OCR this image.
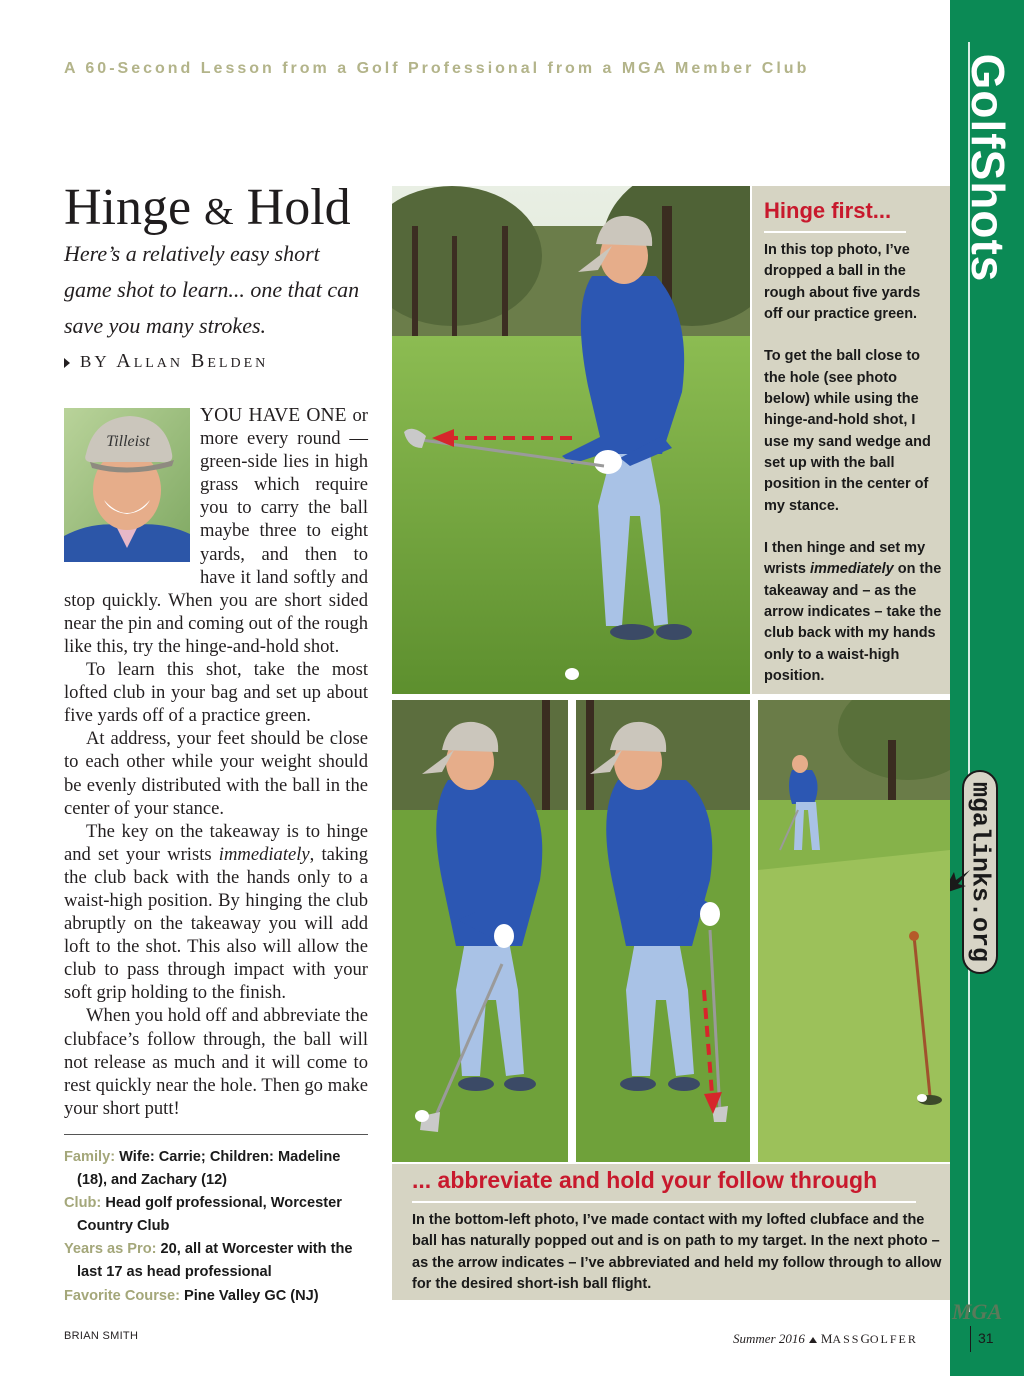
A 60-Second Lesson from a Golf Professional from a MGA Member Club	GolfShots
mgalinks.org
MGA
31
Hinge & Hold
Here’s a relatively easy short game shot to learn... one that can save you many strokes.
BY Allan Belden
Tilleist

YOU HAVE ONE or more every round — green-side lies in high grass which require you to carry the ball maybe three to eight yards, and then to have it land softly and stop quickly. When you are short sided near the pin and coming out of the rough like this, try the hinge-and-hold shot.

To learn this shot, take the most lofted club in your bag and set up about five yards off of a practice green.

At address, your feet should be close to each other while your weight should be evenly distributed with the ball in the center of your stance.

The key on the takeaway is to hinge and set your wrists immediately, taking the club back with the hands only to a waist-high position. By hinging the club abruptly on the takeaway you will add loft to the shot. This also will allow the club to pass through impact with your soft grip holding to the finish.

When you hold off and abbreviate the clubface’s follow through, the ball will not release as much and it will come to rest quickly near the hole. Then go make your short putt!

Family: Wife: Carrie; Children: Madeline (18), and Zachary (12)
Club: Head golf professional, Worcester Country Club
Years as Pro: 20, all at Worcester with the last 17 as head professional
Favorite Course: Pine Valley GC (NJ)
Hinge first...

In this top photo, I’ve dropped a ball in the rough about five yards off our practice green.

To get the ball close to the hole (see photo below) while using the hinge-and-hold shot, I use my sand wedge and set up with the ball position in the center of my stance.

I then hinge and set my wrists immediately on the takeaway and – as the arrow indicates – take the club back with my hands only to a waist-high position.

... abbreviate and hold your follow through
In the bottom-left photo, I’ve made contact with my lofted clubface and the ball has naturally popped out and is on path to my target. In the next photo – as the arrow indicates – I’ve abbreviated and held my follow through to allow for the desired short-ish ball flight.
BRIAN SMITH	Summer 2016 MASSGOLFER
